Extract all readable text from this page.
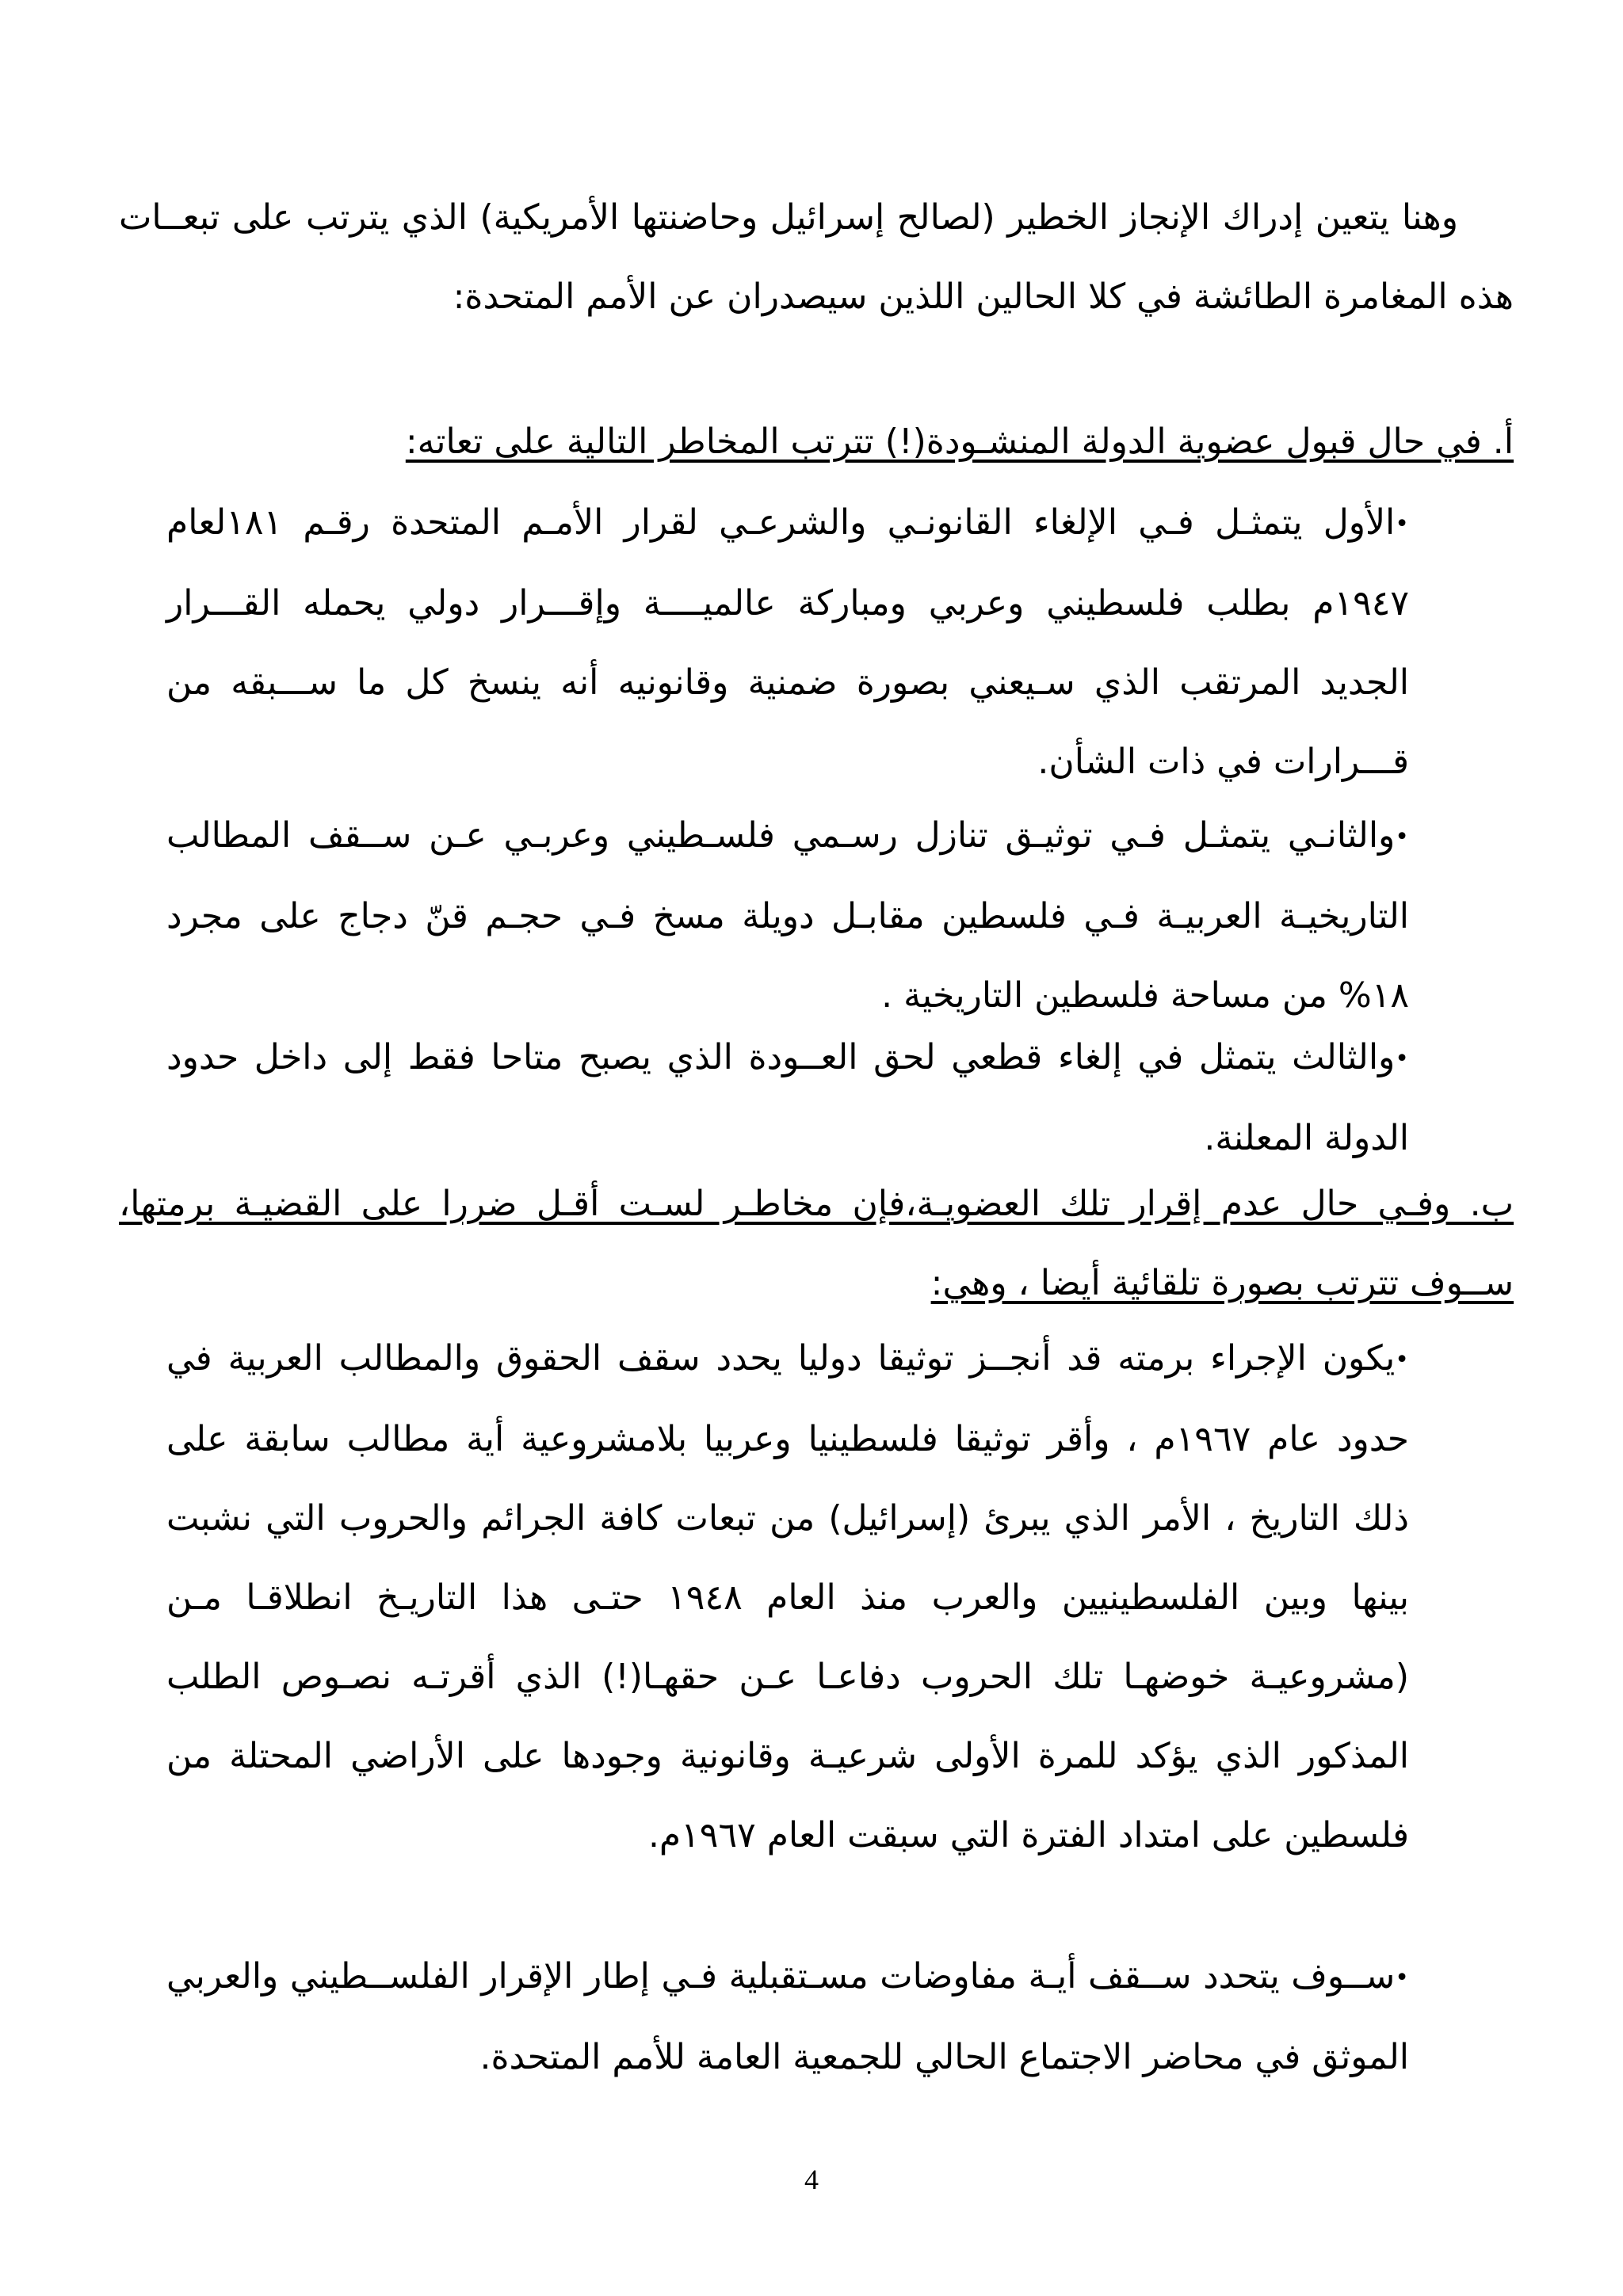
وهنا يتعين إدراك الإنجاز الخطير (لصالح إسرائيل وحاضنتها الأمريكية) الذي يترتب على تبعــات هذه المغامرة الطائشة في كلا الحالين اللذين سيصدران عن الأمم المتحدة:

أ. في حال قبول عضوية الدولة المنشـودة(!) تترتب المخاطر التالية على تعاته:

•الأول يتمثـل فـي الإلغاء القانونـي والشرعـي لقرار الأمـم المتحدة رقـم ١٨١لعام ١٩٤٧م بطلب فلسطيني وعربي ومباركة عالميــــة وإقـــرار دولي يحمله القـــرار الجديد المرتقب الذي سـيعني بصورة ضمنية وقانونيه أنه ينسخ كل ما ســـبقه من قـــرارات في ذات الشأن.
•والثانـي يتمثـل فـي توثيـق تنازل رسـمي فلسـطيني وعربـي عـن ســقف المطالب التاريخيـة العربيـة فـي فلسطين مقابـل دويلة مسخ فـي حجـم قنّ دجاج على مجرد ١٨% من مساحة فلسطين التاريخية .
•والثالث يتمثل في إلغاء قطعي لحق العــودة الذي يصبح متاحا فقط إلى داخل حدود الدولة المعلنة.

ب. وفـي حال عدم إقرار تلك العضويـة،فإن مخاطـر لسـت أقـل ضررا على القضيـة برمتها، ســوف تترتب بصورة تلقائية أيضا ، وهي:

•يكون الإجراء برمته قد أنجــز توثيقا دوليا يحدد سقف الحقوق والمطالب العربية في حدود عام ١٩٦٧م ، وأقر توثيقا فلسطينيا وعربيا بلامشروعية أية مطالب سابقة على ذلك التاريخ ، الأمر الذي يبرئ (إسرائيل) من تبعات كافة الجرائم والحروب التي نشبت بينها وبين الفلسطينيين والعرب منذ العام ١٩٤٨ حتـى هذا التاريـخ انطلاقـا مـن (مشروعيـة خوضهـا تلك الحروب دفاعـا عـن حقهـا(!) الذي أقرتـه نصـوص الطلب المذكور الذي يؤكد للمرة الأولى شرعيـة وقانونية وجودها على الأراضي المحتلة من فلسطين على امتداد الفترة التي سبقت العام ١٩٦٧م.
•ســوف يتحدد ســقف أيـة مفاوضات مسـتقبلية فـي إطار الإقرار الفلســطيني والعربي الموثق في محاضر الاجتماع الحالي للجمعية العامة للأمم المتحدة.
4
